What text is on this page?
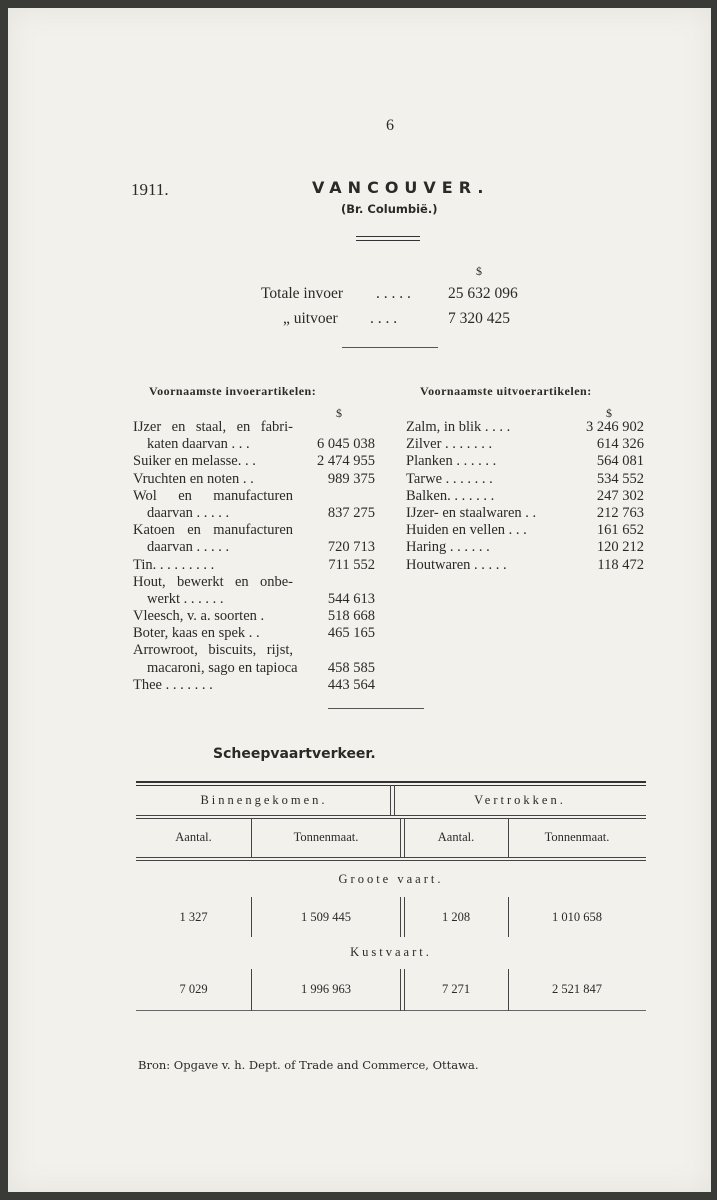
6
1911.	VANCOUVER.
(Br. Columbië.)
$
Totale invoer . . . . . 25 632 096
„ uitvoer . . . .	7 320 425
Voornaamste invoerartikelen:	Voornaamste uitvoerartikelen:
$	$
IJzer en staal, en fabri-
katen daarvan . . .	6 045 038
Suiker en melasse. . .	2 474 955
Vruchten en noten . .	989 375
Wol en manufacturen
daarvan . . . . .	837 275
Katoen en manufacturen
daarvan . . . . .	720 713
Tin. . . . . . . . .	711 552
Hout, bewerkt en onbe-
werkt . . . . . .	544 613
Vleesch, v. a. soorten .	518 668
Boter, kaas en spek . .	465 165
Arrowroot, biscuits, rijst,
macaroni, sago en tapioca 458 585
Thee . . . . . . .	443 564
Zalm, in blik . . . .	3 246 902
Zilver . . . . . . .	614 326
Planken . . . . . .	564 081
Tarwe . . . . . . .	534 552
Balken. . . . . . .	247 302
IJzer- en staalwaren . .	212 763
Huiden en vellen . . .	161 652
Haring . . . . . .	120 212
Houtwaren . . . . .	118 472
Scheepvaartverkeer.
Binnengekomen.	Vertrokken.
Aantal.	Tonnenmaat.	Aantal.	Tonnenmaat.
Groote vaart.
1 327	1 509 445	1 208	1 010 658
Kustvaart.
7 029	1 996 963	7 271	2 521 847
Bron: Opgave v. h. Dept. of Trade and Commerce, Ottawa.
